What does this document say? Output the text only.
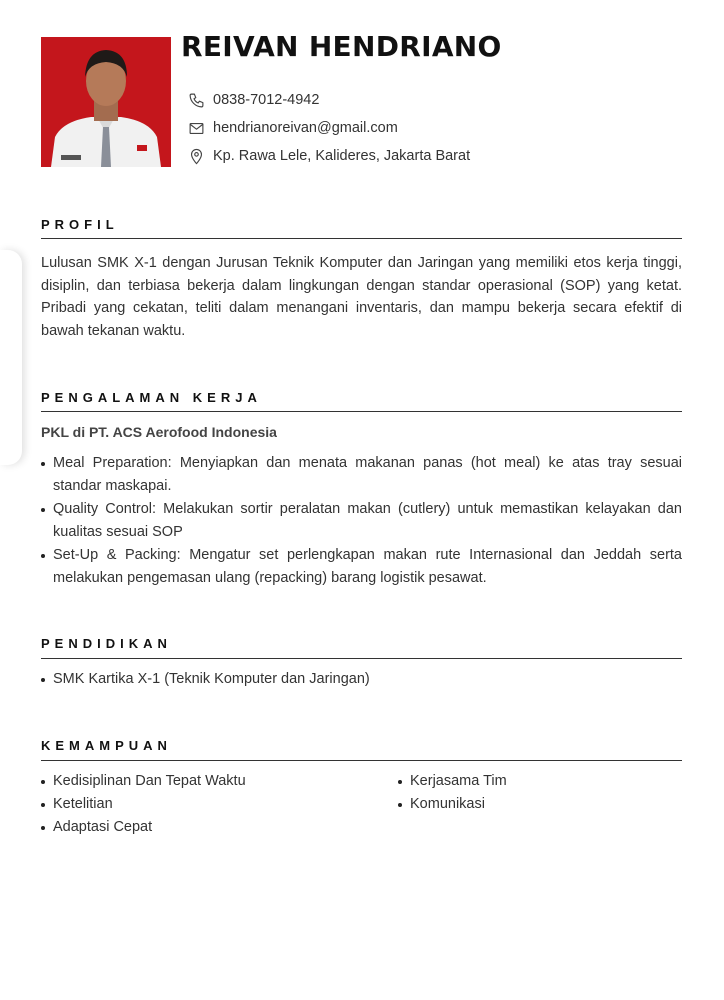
REIVAN HENDRIANO
0838-7012-4942
hendrianoreivan@gmail.com
Kp. Rawa Lele, Kalideres, Jakarta Barat
PROFIL

Lulusan SMK X-1 dengan Jurusan Teknik Komputer dan Jaringan yang memiliki etos kerja tinggi, disiplin, dan terbiasa bekerja dalam lingkungan dengan standar operasional (SOP) yang ketat. Pribadi yang cekatan, teliti dalam menangani inventaris, dan mampu bekerja secara efektif di bawah tekanan waktu.

PENGALAMAN KERJA
PKL di PT. ACS Aerofood Indonesia
Meal Preparation: Menyiapkan dan menata makanan panas (hot meal) ke atas tray sesuai standar maskapai.
Quality Control: Melakukan sortir peralatan makan (cutlery) untuk memastikan kelayakan dan kualitas sesuai SOP
Set-Up & Packing: Mengatur set perlengkapan makan rute Internasional dan Jeddah serta melakukan pengemasan ulang (repacking) barang logistik pesawat.
PENDIDIKAN
SMK Kartika X-1 (Teknik Komputer dan Jaringan)
KEMAMPUAN
Kedisiplinan Dan Tepat Waktu
Ketelitian
Adaptasi Cepat
Kerjasama Tim
Komunikasi
